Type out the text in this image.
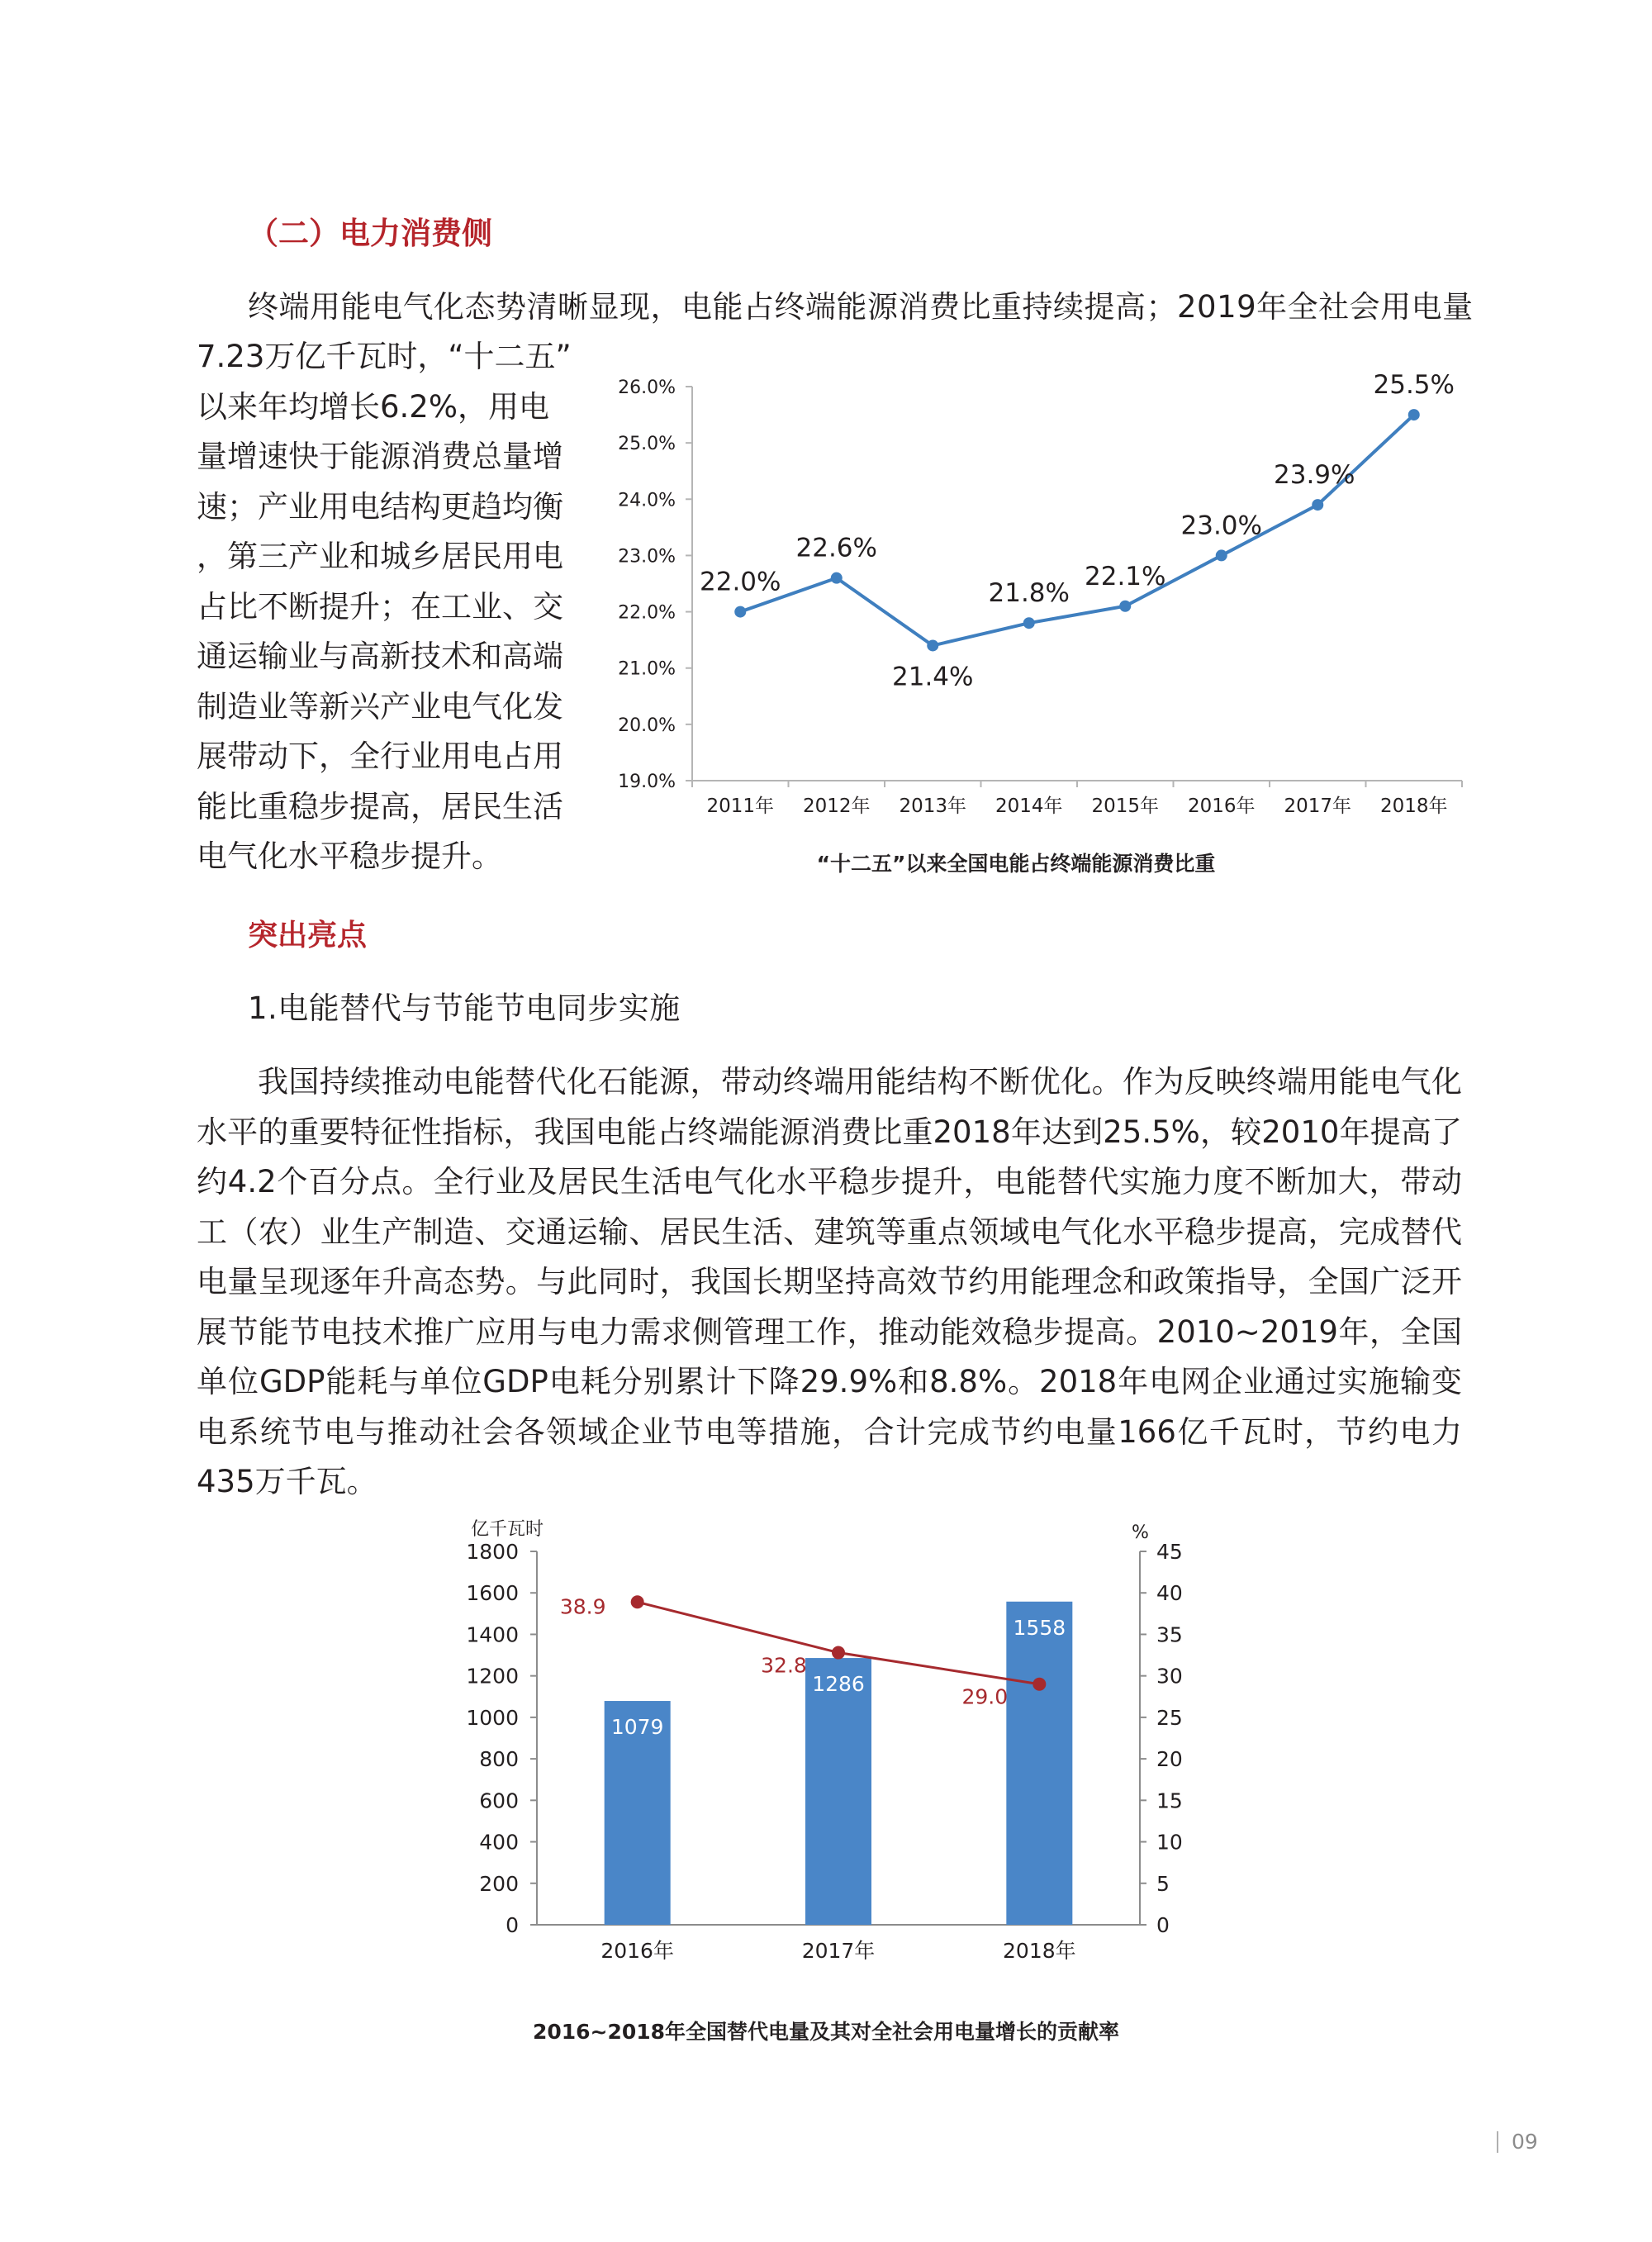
（二）电力消费侧
终端用能电气化态势清晰显现，电能占终端能源消费比重持续提高；2019年全社会用电量
7.23万亿千瓦时，“十二五”
以来年均增长6.2%，用电
量增速快于能源消费总量增
速；产业用电结构更趋均衡
，第三产业和城乡居民用电
占比不断提升；在工业、交
通运输业与高新技术和高端
制造业等新兴产业电气化发
展带动下，全行业用电占用
能比重稳步提高，居民生活
电气化水平稳步提升。
19.0%
20.0%
21.0%
22.0%
23.0%
24.0%
25.0%
26.0%
2011年 2012年 2013年 2014年 2015年 2016年 2017年 2018年
22.0%
22.6%
21.4%
21.8%
22.1%
23.0%
23.9%
25.5%
“十二五”以来全国电能占终端能源消费比重
突出亮点
1.电能替代与节能节电同步实施
我国持续推动电能替代化石能源，带动终端用能结构不断优化。作为反映终端用能电气化水平的重要特征性指标，我国电能占终端能源消费比重2018年达到25.5%，较2010年提高了约4.2个百分点。全行业及居民生活电气化水平稳步提升，电能替代实施力度不断加大，带动工（农）业生产制造、交通运输、居民生活、建筑等重点领域电气化水平稳步提高，完成替代电量呈现逐年升高态势。与此同时，我国长期坚持高效节约用能理念和政策指导，全国广泛开展节能节电技术推广应用与电力需求侧管理工作，推动能效稳步提高。2010~2019年，全国单位GDP能耗与单位GDP电耗分别累计下降29.9%和8.8%。2018年电网企业通过实施输变电系统节电与推动社会各领域企业节电等措施，合计完成节约电量166亿千瓦时，节约电力435万千瓦。
亿千瓦时	%
0
200
400
600
800
1000
1200
1400
1600
1800
0
5
10
15
20
25
30
35
40
45
1079
1286
1558
2016年	2017年	2018年
38.9
32.8
29.0
2016~2018年全国替代电量及其对全社会用电量增长的贡献率
09
